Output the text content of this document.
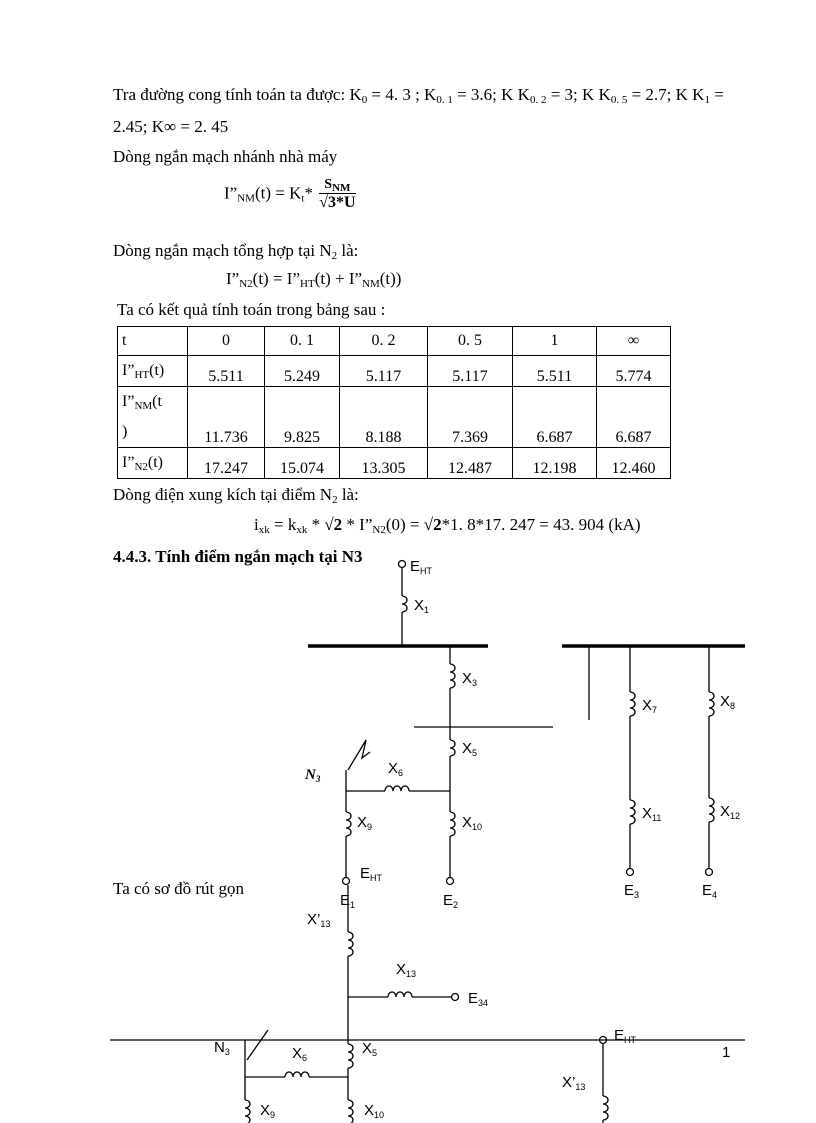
Tra đường cong tính toán ta được: $K_0 = 4$. 3 ; $K_{0. 1} = 3.6$; K $K_{0. 2} = 3$; K $K_{0. 5} = 2.7$; K $K_1$ =
2.45; K∞ = 2. 45
Dòng ngắn mạch nhánh nhà máy
$I”_{NM}(t) = K_t* \frac{S_{NM}}{√3*U}$
Dòng ngắn mạch tổng hợp tại $N_2$ là:
$I”_{N2}(t)$ = $I”_{HT}(t)$ + $I”_{NM}(t)$)
Ta có kết quả tính toán trong bảng sau :
t	0	0. 1	0. 2	0. 5	1	∞
$I”_{HT}(t)$	5.511	5.249	5.117	5.117	5.511	5.774
$I”_{NM}(t$
)	11.736	9.825	8.188	7.369	6.687	6.687
$I”_{N2}(t)$	17.247	15.074	13.305	12.487	12.198	12.460
Dòng điện xung kích tại điểm $N_2$ là:
$i_{xk} = k_{xk} * √2$ * $I”_{N2}(0) = √2*1$. 8*17. 247 = 43. 904 (kA)
4.4.3. Tính điểm ngắn mạch tại N3
Ta có sơ đồ rút gọn
$E_{HT}$
$X_1$
$X_3$
$X_5$
$X_6$
$N_3$
$X_9$	$X_{10}$
$E_{HT}$
$E_1$	$E_2$
$X_7$	$X_8$
$X_{11}$	$X_{12}$
$E_3$	$E_4$
$X’_{13}$
$X_{13}$
$E_{34}$
$N_3$	$X_6$
$X_5$
$X_9$	$X_{10}$
$E_{HT}$
$X’_{13}$
1
